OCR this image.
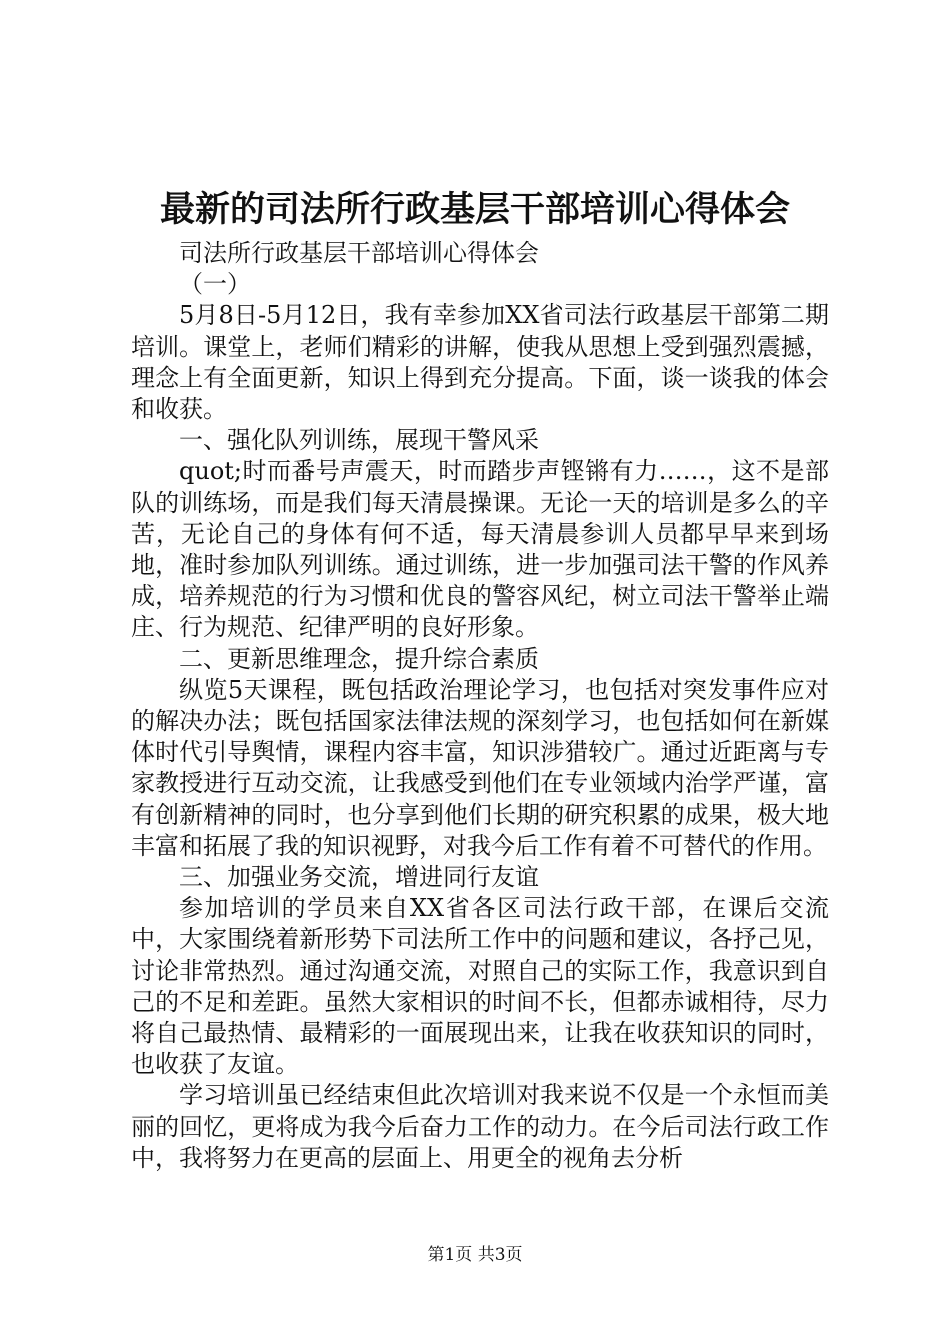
最新的司法所行政基层干部培训心得体会

司法所行政基层干部培训心得体会

（一）

5月8日-5月12日，我有幸参加XX省司法行政基层干部第二期培训。课堂上，老师们精彩的讲解，使我从思想上受到强烈震撼，理念上有全面更新，知识上得到充分提高。下面，谈一谈我的体会和收获。

一、强化队列训练，展现干警风采

quot;时而番号声震天，时而踏步声铿锵有力……，这不是部队的训练场，而是我们每天清晨操课。无论一天的培训是多么的辛苦，无论自己的身体有何不适，每天清晨参训人员都早早来到场地，准时参加队列训练。通过训练，进一步加强司法干警的作风养成，培养规范的行为习惯和优良的警容风纪，树立司法干警举止端庄、行为规范、纪律严明的良好形象。

二、更新思维理念，提升综合素质

纵览5天课程，既包括政治理论学习，也包括对突发事件应对的解决办法；既包括国家法律法规的深刻学习，也包括如何在新媒体时代引导舆情，课程内容丰富，知识涉猎较广。通过近距离与专家教授进行互动交流，让我感受到他们在专业领域内治学严谨，富有创新精神的同时，也分享到他们长期的研究积累的成果，极大地丰富和拓展了我的知识视野，对我今后工作有着不可替代的作用。

三、加强业务交流，增进同行友谊

参加培训的学员来自XX省各区司法行政干部，在课后交流中，大家围绕着新形势下司法所工作中的问题和建议，各抒己见，讨论非常热烈。通过沟通交流，对照自己的实际工作，我意识到自己的不足和差距。虽然大家相识的时间不长，但都赤诚相待，尽力将自己最热情、最精彩的一面展现出来，让我在收获知识的同时，也收获了友谊。

学习培训虽已经结束但此次培训对我来说不仅是一个永恒而美丽的回忆，更将成为我今后奋力工作的动力。在今后司法行政工作中，我将努力在更高的层面上、用更全的视角去分析

第1页 共3页
